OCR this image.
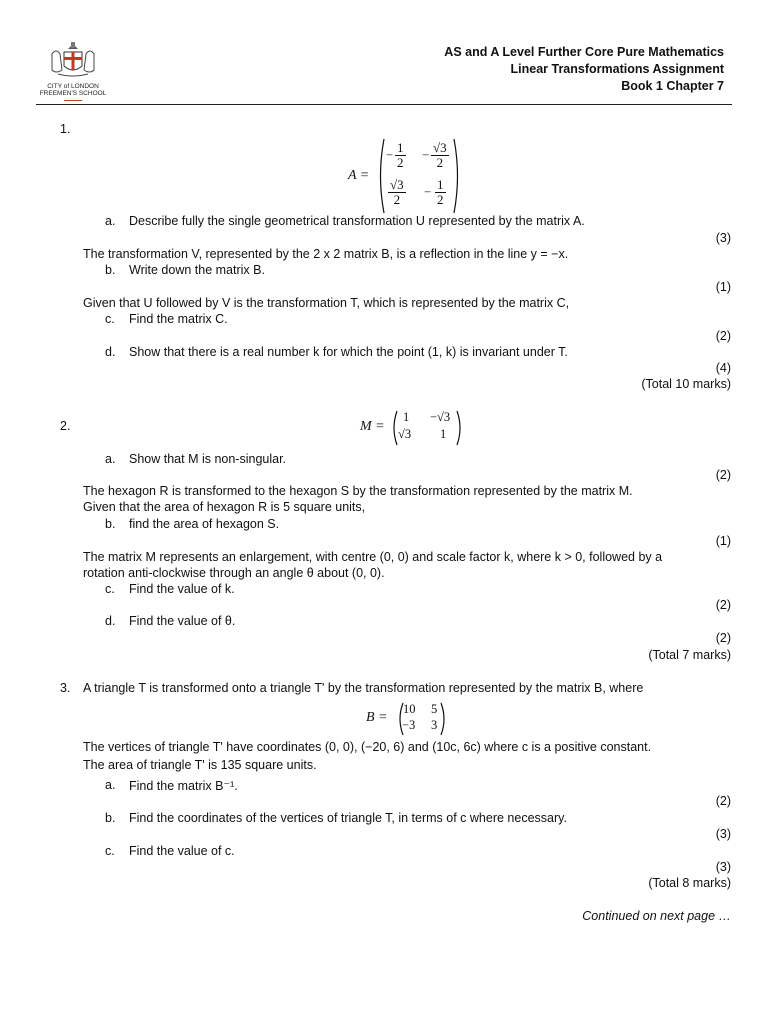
CITY of LONDON
FREEMEN'S SCHOOL
AS and A Level Further Core Pure Mathematics
Linear Transformations Assignment
Book 1 Chapter 7
1.
A =
− $\frac{1}{2} - \frac{√3}{2}$
$\frac{√3}{2} - \frac{1}{2}$
a. Describe fully the single geometrical transformation U represented by the matrix A.
(3)
The transformation V, represented by the 2 x 2 matrix B, is a reflection in the line y = −x.
b. Write down the matrix B.
(1)
Given that U followed by V is the transformation T, which is represented by the matrix C,
c. Find the matrix C.
(2)
d. Show that there is a real number k for which the point (1, k) is invariant under T.
(4)
(Total 10 marks)
2.	M =
1 −√3
√3 1
a. Show that M is non-singular.
(2)
The hexagon R is transformed to the hexagon S by the transformation represented by the matrix M.
Given that the area of hexagon R is 5 square units,
b. find the area of hexagon S.
(1)
The matrix M represents an enlargement, with centre (0, 0) and scale factor k, where k > 0, followed by a
rotation anti-clockwise through an angle θ about (0, 0).
c. Find the value of k.
(2)
d. Find the value of θ.
(2)
(Total 7 marks)
3. A triangle T is transformed onto a triangle T' by the transformation represented by the matrix B, where
B =
10 5
−3 3
The vertices of triangle T' have coordinates (0, 0), (−20, 6) and (10c, 6c) where c is a positive constant.
The area of triangle T' is 135 square units.
a. Find the matrix B⁻¹.
(2)
b. Find the coordinates of the vertices of triangle T, in terms of c where necessary.
(3)
c. Find the value of c.
(3)
(Total 8 marks)
Continued on next page …
